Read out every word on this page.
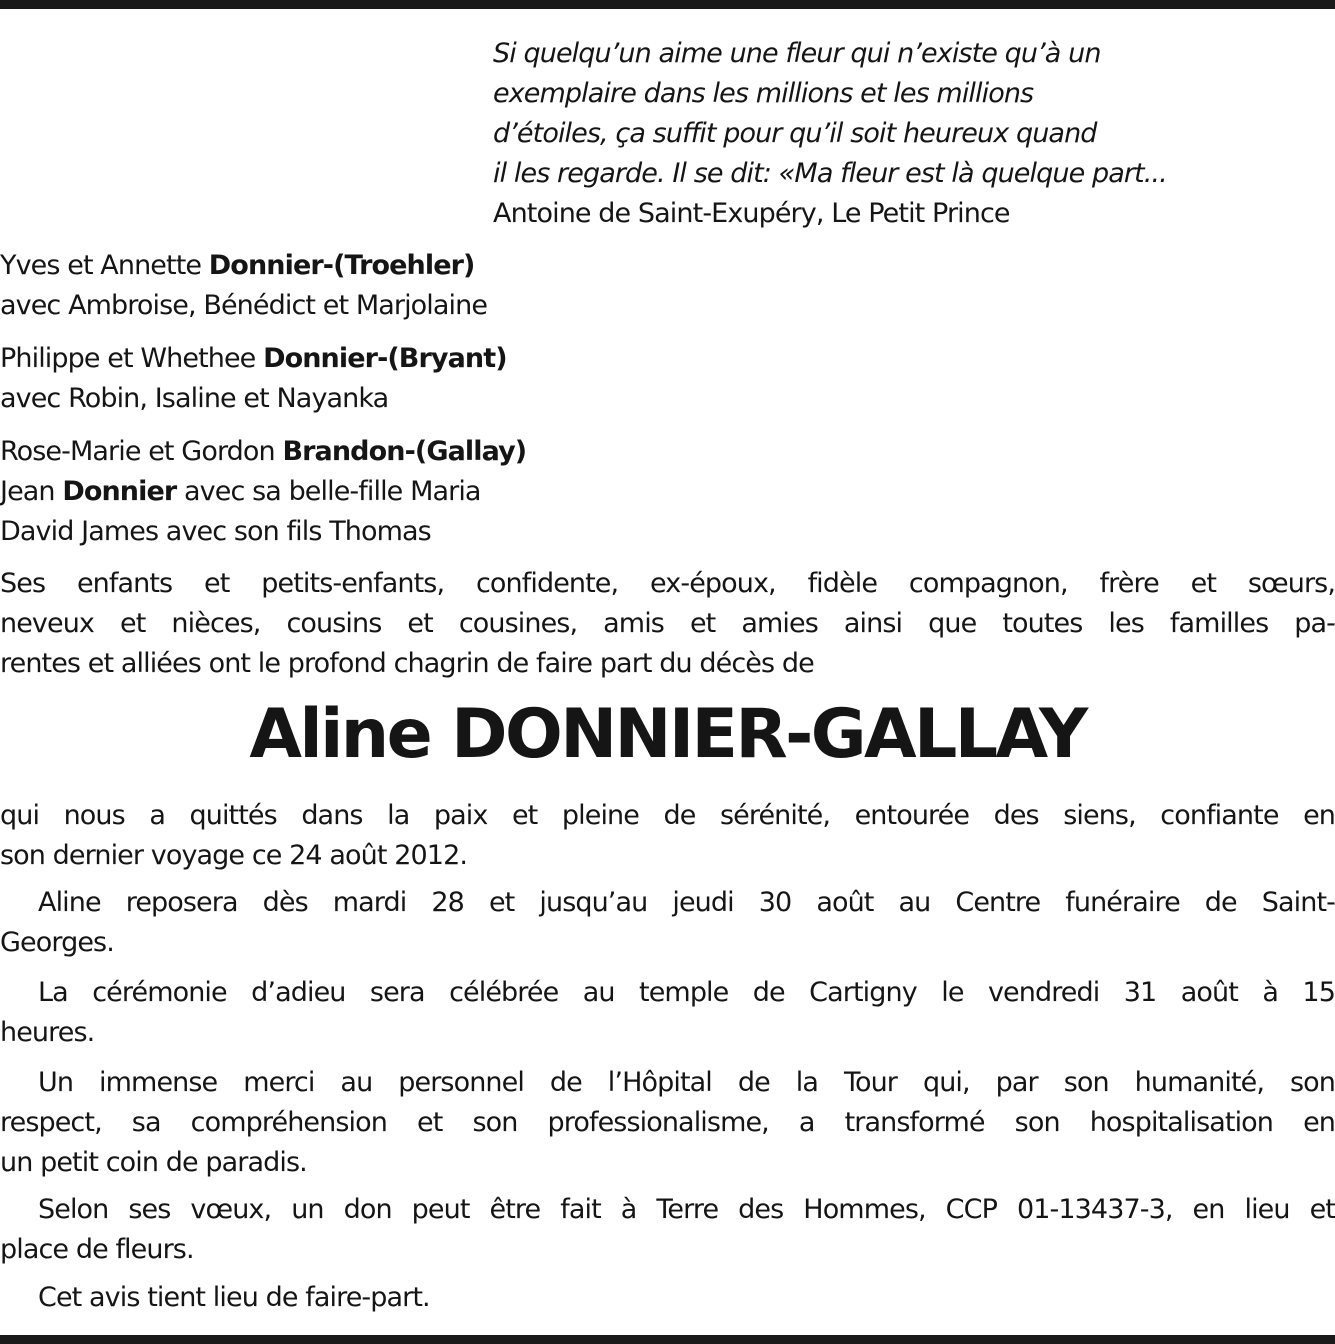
Si quelqu’un aime une fleur qui n’existe qu’à un
exemplaire dans les millions et les millions
d’étoiles, ça suffit pour qu’il soit heureux quand
il les regarde. Il se dit: «Ma fleur est là quelque part...
Antoine de Saint-Exupéry, Le Petit Prince
Yves et Annette Donnier-(Troehler)
avec Ambroise, Bénédict et Marjolaine
Philippe et Whethee Donnier-(Bryant)
avec Robin, Isaline et Nayanka
Rose-Marie et Gordon Brandon-(Gallay)
Jean Donnier avec sa belle-fille Maria
David James avec son fils Thomas
Ses enfants et petits-enfants, confidente, ex-époux, fidèle compagnon, frère et sœurs,
neveux et nièces, cousins et cousines, amis et amies ainsi que toutes les familles pa-
rentes et alliées ont le profond chagrin de faire part du décès de
Aline DONNIER-GALLAY
qui nous a quittés dans la paix et pleine de sérénité, entourée des siens, confiante en
son dernier voyage ce 24 août 2012.
Aline reposera dès mardi 28 et jusqu’au jeudi 30 août au Centre funéraire de Saint-
Georges.
La cérémonie d’adieu sera célébrée au temple de Cartigny le vendredi 31 août à 15
heures.
Un immense merci au personnel de l’Hôpital de la Tour qui, par son humanité, son
respect, sa compréhension et son professionalisme, a transformé son hospitalisation en
un petit coin de paradis.
Selon ses vœux, un don peut être fait à Terre des Hommes, CCP 01-13437-3, en lieu et
place de fleurs.
Cet avis tient lieu de faire-part.
